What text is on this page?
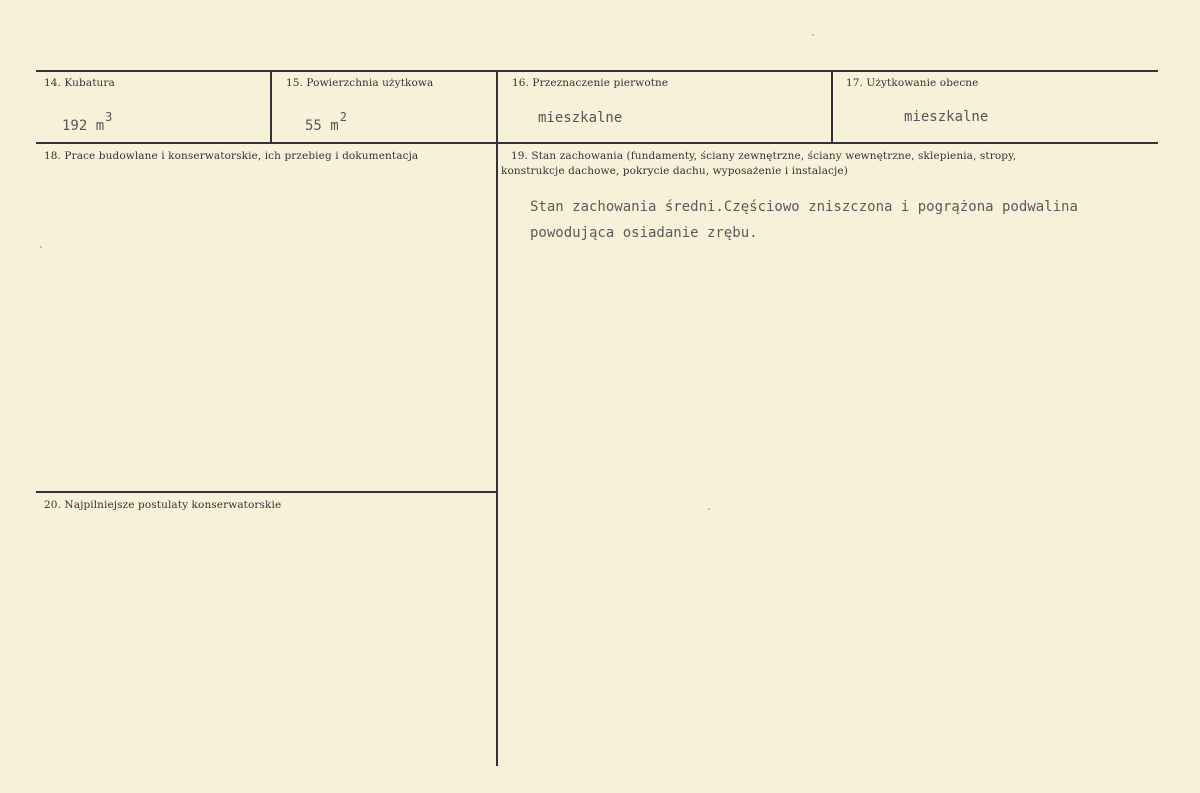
14. Kubatura
192 $m^3$
15. Powierzchnia użytkowa
55 $m^2$
16. Przeznaczenie pierwotne
mieszkalne
17. Użytkowanie obecne
mieszkalne
18. Prace budowlane i konserwatorskie, ich przebieg i dokumentacja	19. Stan zachowania (fundamenty, ściany zewnętrzne, ściany wewnętrzne, sklepienia, stropy,
konstrukcje dachowe, pokrycie dachu, wyposażenie i instalacje)
Stan zachowania średni.Częściowo zniszczona i pogrążona podwalina
powodująca osiadanie zrębu.
20. Najpilniejsze postulaty konserwatorskie
